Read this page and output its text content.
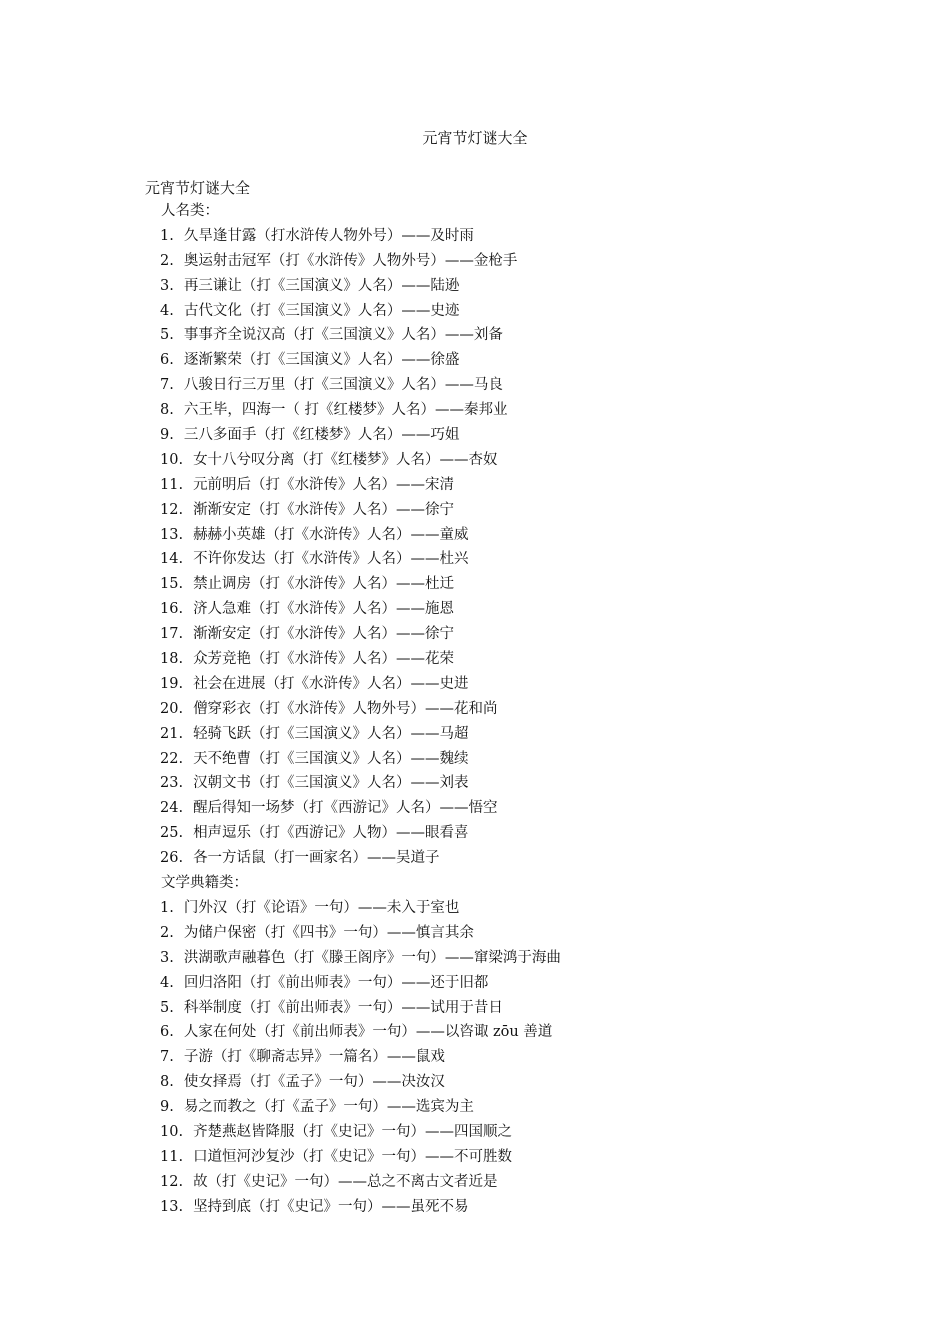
元宵节灯谜大全
元宵节灯谜大全
人名类：
1. 久旱逢甘露（打水浒传人物外号）——及时雨
2. 奥运射击冠军（打《水浒传》人物外号）——金枪手
3. 再三谦让（打《三国演义》人名）——陆逊
4. 古代文化（打《三国演义》人名）——史迹
5. 事事齐全说汉高（打《三国演义》人名）——刘备
6. 逐渐繁荣（打《三国演义》人名）——徐盛
7. 八骏日行三万里（打《三国演义》人名）——马良
8. 六王毕，四海一（ 打《红楼梦》人名）——秦邦业
9. 三八多面手（打《红楼梦》人名）——巧姐
10. 女十八兮叹分离（打《红楼梦》人名）——杏奴
11. 元前明后（打《水浒传》人名）——宋清
12. 渐渐安定（打《水浒传》人名）——徐宁
13. 赫赫小英雄（打《水浒传》人名）——童威
14. 不许你发达（打《水浒传》人名）——杜兴
15. 禁止调房（打《水浒传》人名）——杜迁
16. 济人急难（打《水浒传》人名）——施恩
17. 渐渐安定（打《水浒传》人名）——徐宁
18. 众芳竞艳（打《水浒传》人名）——花荣
19. 社会在进展（打《水浒传》人名）——史进
20. 僧穿彩衣（打《水浒传》人物外号）——花和尚
21. 轻骑飞跃（打《三国演义》人名）——马超
22. 天不绝曹（打《三国演义》人名）——魏续
23. 汉朝文书（打《三国演义》人名）——刘表
24. 醒后得知一场梦（打《西游记》人名）——悟空
25. 相声逗乐（打《西游记》人物）——眼看喜
26. 各一方话鼠（打一画家名）——吴道子
文学典籍类：
1. 门外汉（打《论语》一句）——未入于室也
2. 为储户保密（打《四书》一句）——慎言其余
3. 洪湖歌声融暮色（打《滕王阁序》一句）——窜梁鸿于海曲
4. 回归洛阳（打《前出师表》一句）——还于旧都
5. 科举制度（打《前出师表》一句）——试用于昔日
6. 人家在何处（打《前出师表》一句）——以咨诹 zōu 善道
7. 子游（打《聊斋志异》一篇名）——鼠戏
8. 使女择焉（打《孟子》一句）——决汝汉
9. 易之而教之（打《孟子》一句）——选宾为主
10. 齐楚燕赵皆降服（打《史记》一句）——四国顺之
11. 口道恒河沙复沙（打《史记》一句）——不可胜数
12. 故（打《史记》一句）——总之不离古文者近是
13. 坚持到底（打《史记》一句）——虽死不易
